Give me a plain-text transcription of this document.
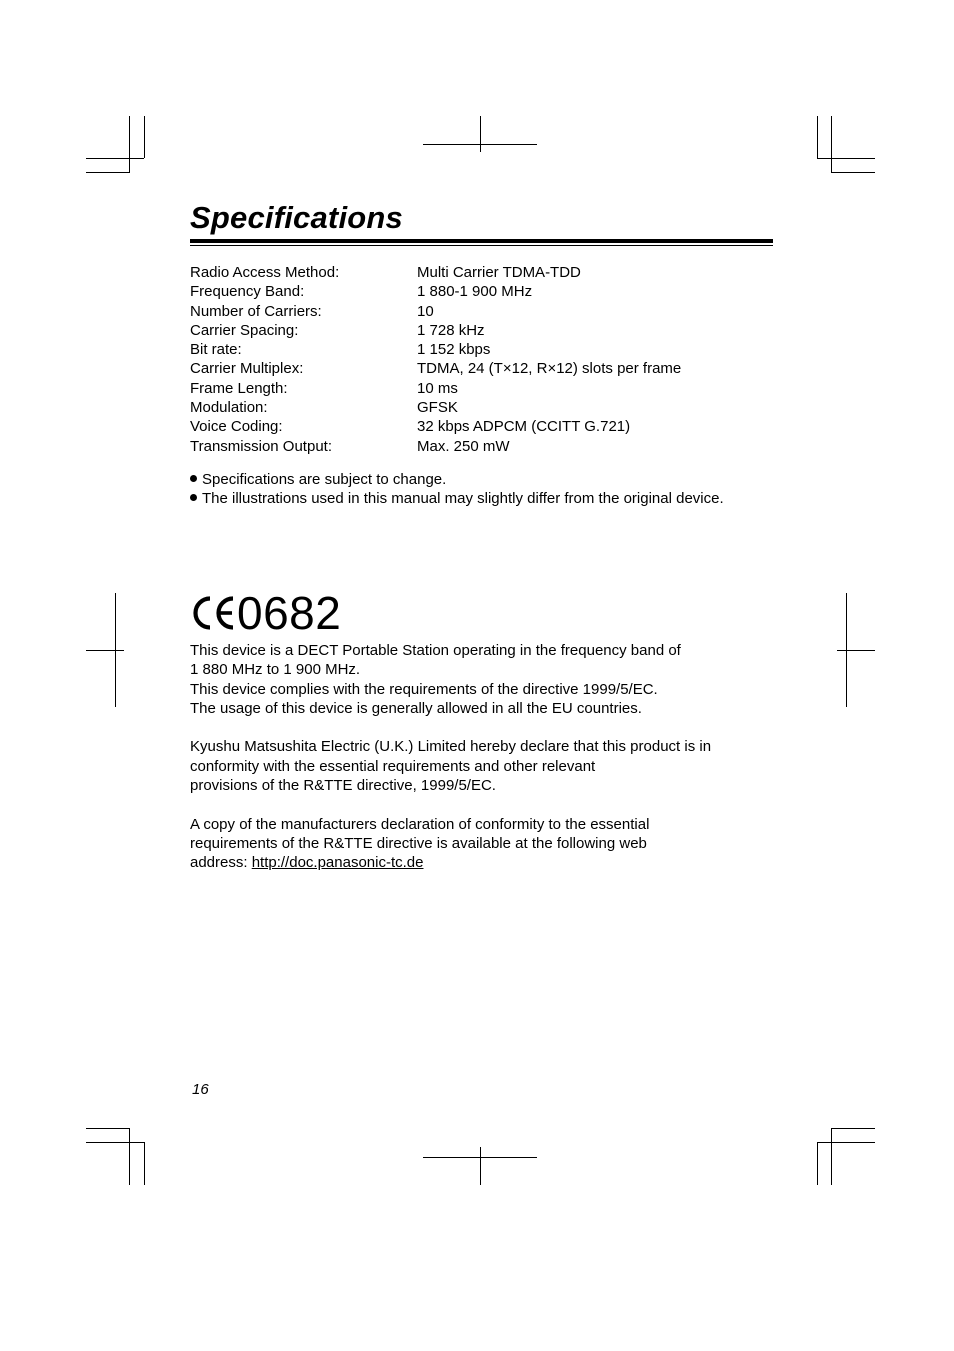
Specifications
Radio Access Method:	Multi Carrier TDMA-TDD
Frequency Band:	1 880-1 900 MHz
Number of Carriers:	10
Carrier Spacing:	1 728 kHz
Bit rate:	1 152 kbps
Carrier Multiplex:	TDMA, 24 (T×12, R×12) slots per frame
Frame Length:	10 ms
Modulation:	GFSK
Voice Coding:	32 kbps ADPCM (CCITT G.721)
Transmission Output:	Max. 250 mW
Specifications are subject to change.
The illustrations used in this manual may slightly differ from the original device.
0682
This device is a DECT Portable Station operating in the frequency band of
1 880 MHz to 1 900 MHz.
This device complies with the requirements of the directive 1999/5/EC.
The usage of this device is generally allowed in all the EU countries.
Kyushu Matsushita Electric (U.K.) Limited hereby declare that this product is in
conformity with the essential requirements and other relevant
provisions of the R&TTE directive, 1999/5/EC.
A copy of the manufacturers declaration of conformity to the essential
requirements of the R&TTE directive is available at the following web
address: http://doc.panasonic-tc.de
16
